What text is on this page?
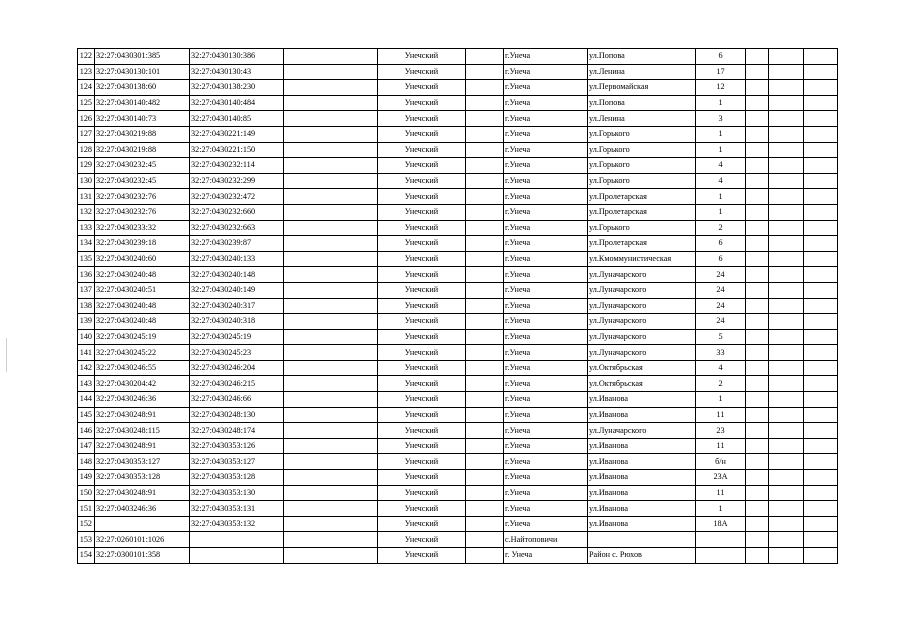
122	32:27:0430301:385	32:27:0430130:386		Унечский		г.Унеча	ул.Попова	6			
123	32:27:0430130:101	32:27:0430130:43		Унечский		г.Унеча	ул.Ленина	17			
124	32:27:0430138:60	32:27:0430138:230		Унечский		г.Унеча	ул.Первомайская	12			
125	32:27:0430140:482	32:27:0430140:484		Унечский		г.Унеча	ул.Попова	1			
126	32:27:0430140:73	32:27:0430140:85		Унечский		г.Унеча	ул.Ленина	3			
127	32:27:0430219:88	32:27:0430221:149		Унечский		г.Унеча	ул.Горького	1			
128	32:27:0430219:88	32:27:0430221:150		Унечский		г.Унеча	ул.Горького	1			
129	32:27:0430232:45	32:27:0430232:114		Унечский		г.Унеча	ул.Горького	4			
130	32:27:0430232:45	32:27:0430232:299		Унечский		г.Унеча	ул.Горького	4			
131	32:27:0430232:76	32:27:0430232:472		Унечский		г.Унеча	ул.Пролетарская	1			
132	32:27:0430232:76	32:27:0430232:660		Унечский		г.Унеча	ул.Пролетарская	1			
133	32:27:0430233:32	32:27:0430232:663		Унечский		г.Унеча	ул.Горького	2			
134	32:27:0430239:18	32:27:0430239:87		Унечский		г.Унеча	ул.Пролетарская	6			
135	32:27:0430240:60	32:27:0430240:133		Унечский		г.Унеча	ул.Кмоммунистическая	6			
136	32:27:0430240:48	32:27:0430240:148		Унечский		г.Унеча	ул.Луначарского	24			
137	32:27:0430240:51	32:27:0430240:149		Унечский		г.Унеча	ул.Луначарского	24			
138	32:27:0430240:48	32:27:0430240:317		Унечский		г.Унеча	ул.Луначарского	24			
139	32:27:0430240:48	32:27:0430240:318		Унечский		г.Унеча	ул.Луначарского	24			
140	32:27:0430245:19	32:27:0430245:19		Унечский		г.Унеча	ул.Луначарского	5			
141	32:27:0430245:22	32:27:0430245:23		Унечский		г.Унеча	ул.Луначарского	33			
142	32:27:0430246:55	32:27:0430246:204		Унечский		г.Унеча	ул.Октябрьская	4			
143	32:27:0430204:42	32:27:0430246:215		Унечский		г.Унеча	ул.Октябрьская	2			
144	32:27:0430246:36	32:27:0430246:66		Унечский		г.Унеча	ул.Иванова	1			
145	32:27:0430248:91	32:27:0430248:130		Унечский		г.Унеча	ул.Иванова	11			
146	32:27:0430248:115	32:27:0430248:174		Унечский		г.Унеча	ул.Луначарского	23			
147	32:27:0430248:91	32:27:0430353:126		Унечский		г.Унеча	ул.Иванова	11			
148	32:27:0430353:127	32:27:0430353:127		Унечский		г.Унеча	ул.Иванова	б/н			
149	32:27:0430353:128	32:27:0430353:128		Унечский		г.Унеча	ул.Иванова	23А			
150	32:27:0430248:91	32:27:0430353:130		Унечский		г.Унеча	ул.Иванова	11			
151	32:27:0403246:36	32:27:0430353:131		Унечский		г.Унеча	ул.Иванова	1			
152		32:27:0430353:132		Унечский		г.Унеча	ул.Иванова	18А			
153	32:27:0260101:1026			Унечский		с.Найтоповичи					
154	32:27:0300101:358			Унечский		г. Унеча	Район с. Рюхов				
